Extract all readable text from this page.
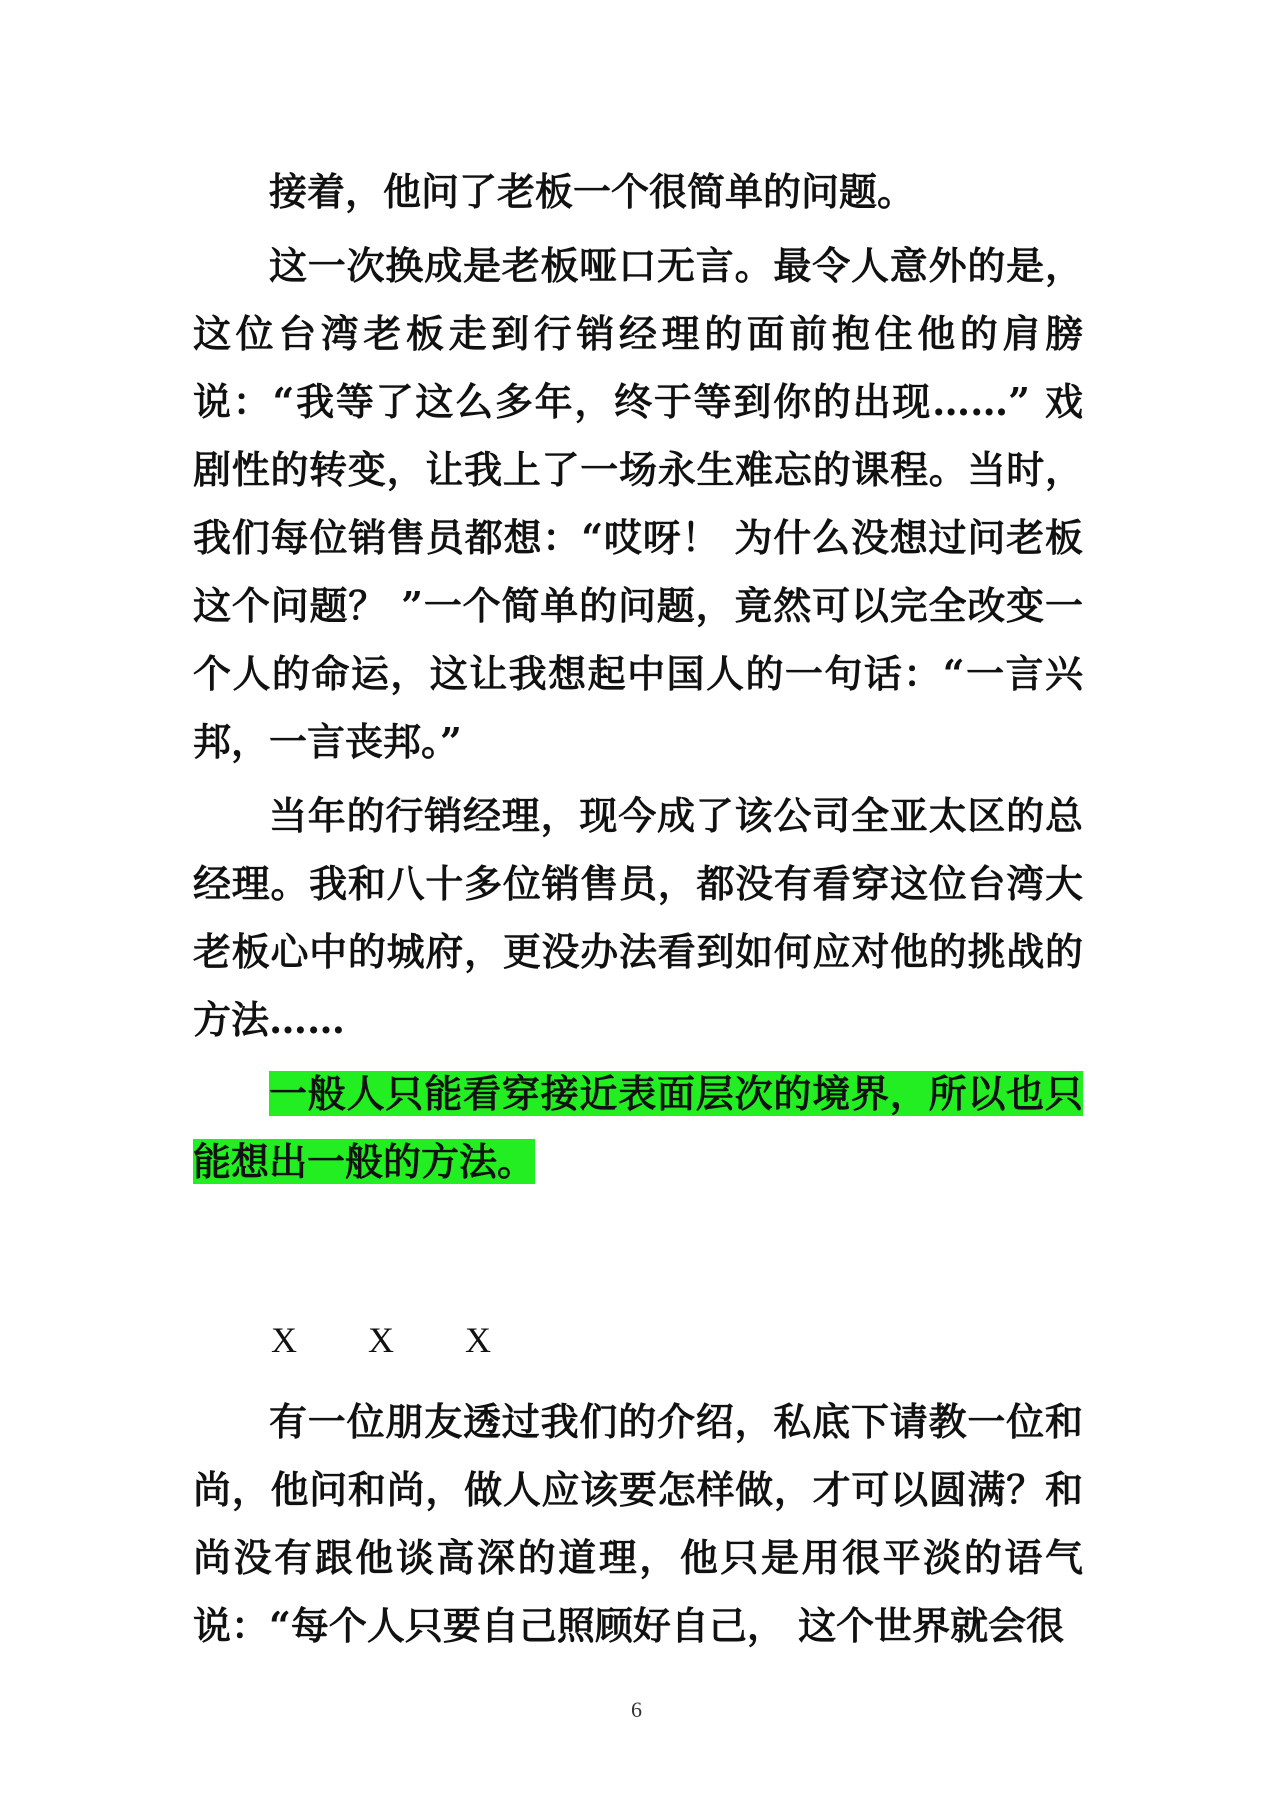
接着，他问了老板一个很简单的问题。

这一次换成是老板哑口无言。最令人意外的是，这位台湾老板走到行销经理的面前抱住他的肩膀说：“我等了这么多年，终于等到你的出现……” 戏剧性的转变，让我上了一场永生难忘的课程。当时，我们每位销售员都想：“哎呀！ 为什么没想过问老板这个问题？ ”一个简单的问题，竟然可以完全改变一个人的命运，这让我想起中国人的一句话：“一言兴邦，一言丧邦。”

当年的行销经理，现今成了该公司全亚太区的总经理。我和八十多位销售员，都没有看穿这位台湾大老板心中的城府，更没办法看到如何应对他的挑战的方法……

一般人只能看穿接近表面层次的境界，所以也只能想出一般的方法。

X X X

有一位朋友透过我们的介绍，私底下请教一位和尚，他问和尚，做人应该要怎样做，才可以圆满？和尚没有跟他谈高深的道理，他只是用很平淡的语气说：“每个人只要自己照顾好自己， 这个世界就会很

6
